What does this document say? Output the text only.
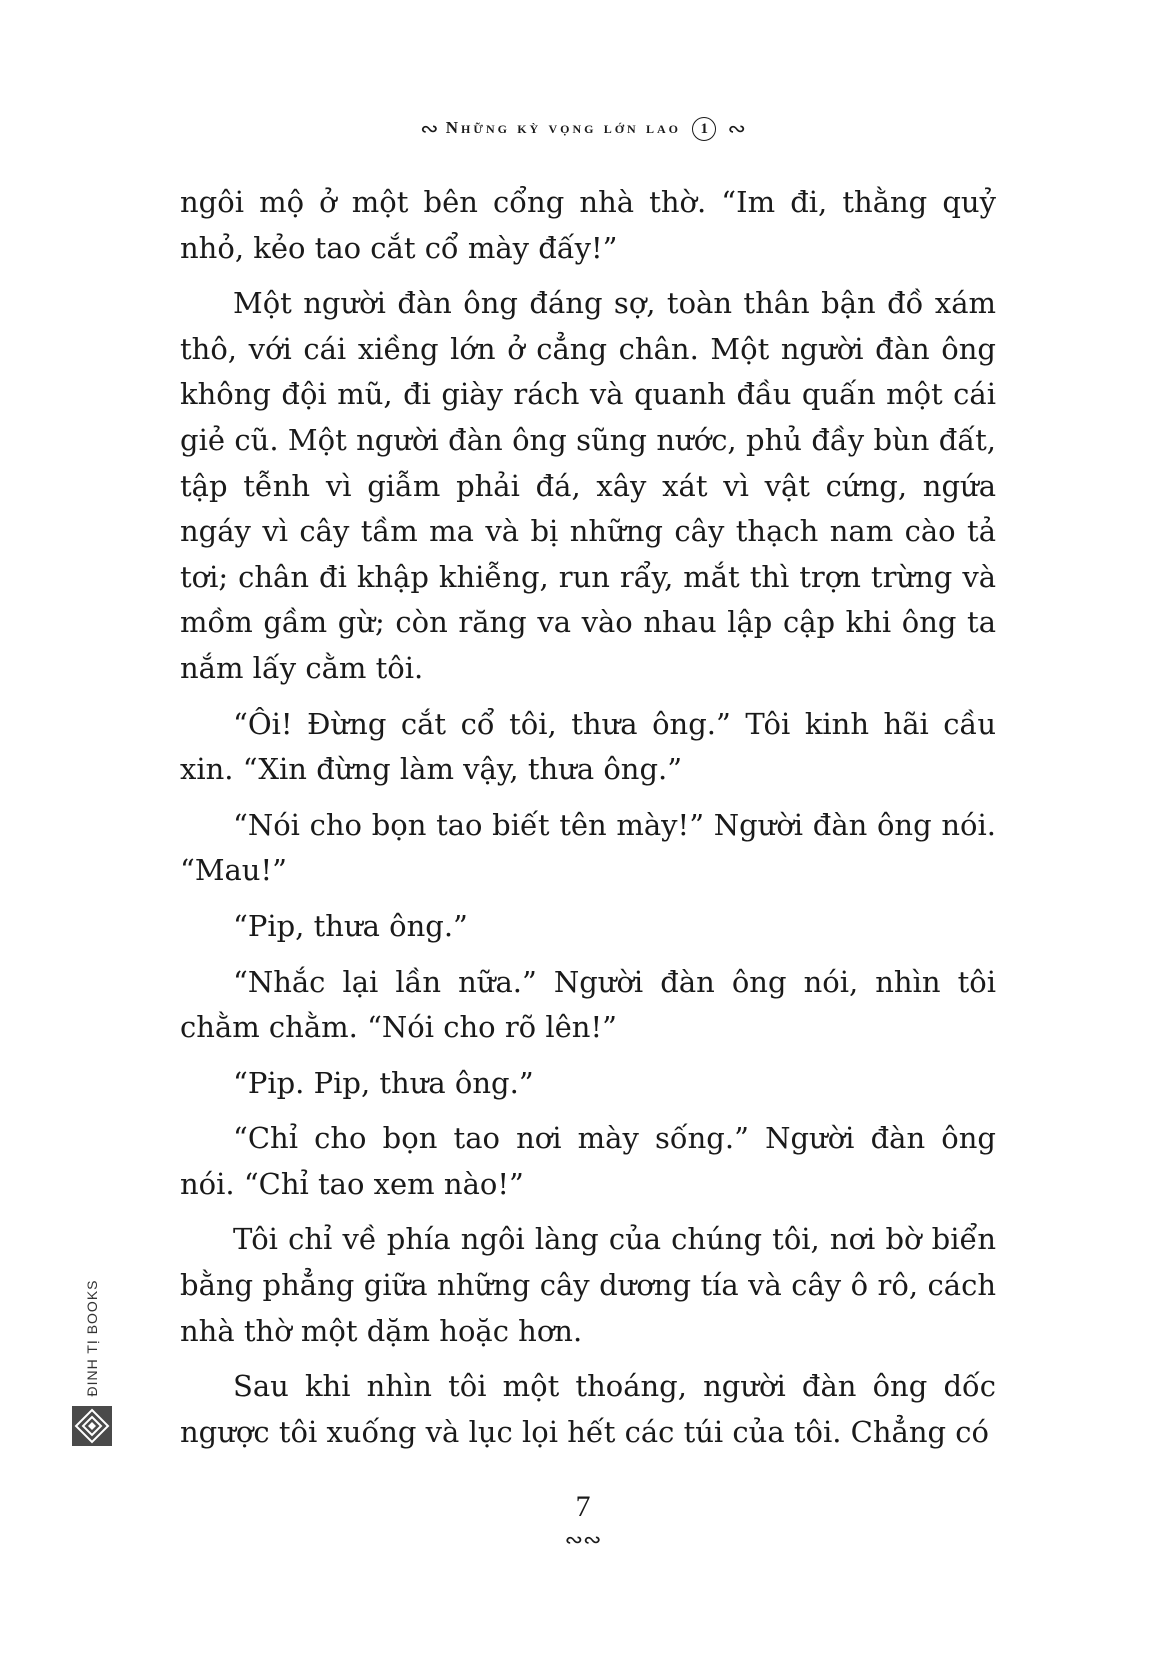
∾ Những kỳ vọng lớn lao 1 ∾

ngôi mộ ở một bên cổng nhà thờ. “Im đi, thằng quỷ nhỏ, kẻo tao cắt cổ mày đấy!”

Một người đàn ông đáng sợ, toàn thân bận đồ xám thô, với cái xiềng lớn ở cẳng chân. Một người đàn ông không đội mũ, đi giày rách và quanh đầu quấn một cái giẻ cũ. Một người đàn ông sũng nước, phủ đầy bùn đất, tập tễnh vì giẫm phải đá, xây xát vì vật cứng, ngứa ngáy vì cây tầm ma và bị những cây thạch nam cào tả tơi; chân đi khập khiễng, run rẩy, mắt thì trợn trừng và mồm gầm gừ; còn răng va vào nhau lập cập khi ông ta nắm lấy cằm tôi.

“Ôi! Đừng cắt cổ tôi, thưa ông.” Tôi kinh hãi cầu xin. “Xin đừng làm vậy, thưa ông.”

“Nói cho bọn tao biết tên mày!” Người đàn ông nói. “Mau!”

“Pip, thưa ông.”

“Nhắc lại lần nữa.” Người đàn ông nói, nhìn tôi chằm chằm. “Nói cho rõ lên!”

“Pip. Pip, thưa ông.”

“Chỉ cho bọn tao nơi mày sống.” Người đàn ông nói. “Chỉ tao xem nào!”

Tôi chỉ về phía ngôi làng của chúng tôi, nơi bờ biển bằng phẳng giữa những cây dương tía và cây ô rô, cách nhà thờ một dặm hoặc hơn.

Sau khi nhìn tôi một thoáng, người đàn ông dốc ngược tôi xuống và lục lọi hết các túi của tôi. Chẳng có

7
∾∾
ĐINH TỊ BOOKS
